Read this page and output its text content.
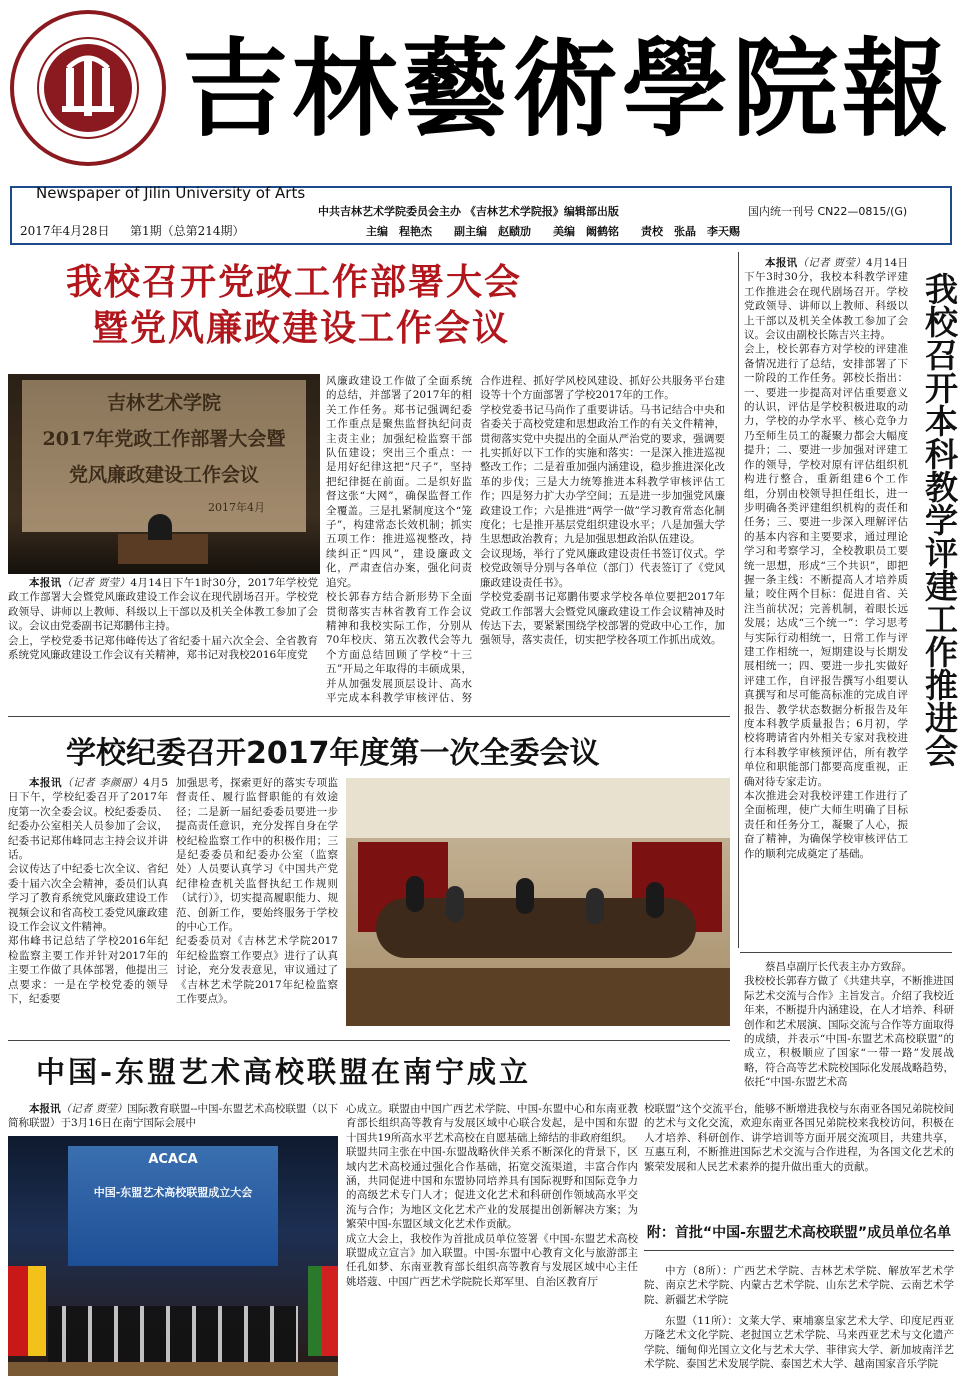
吉林藝術學院報
Newspaper of Jilin University of Arts
2017年4月28日 第1期（总第214期）
中共吉林艺术学院委员会主办 《吉林艺术学院报》编辑部出版	国内统一刊号 CN22—0815/(G)
主编　程艳杰　　副主编　赵赜劢　　美编　阚鹤铭　　责校　张晶　李天赐
我校召开党政工作部署大会
暨党风廉政建设工作会议
吉林艺术学院
2017年党政工作部署大会暨
党风廉政建设工作会议
2017年4月

本报讯（记者 贾莹）4月14日下午1时30分，2017年学校党政工作部署大会暨党风廉政建设工作会议在现代剧场召开。学校党政领导、讲师以上教师、科级以上干部以及机关全体教工参加了会议。会议由党委副书记郑鹏伟主持。
会上，学校党委书记郑伟峰传达了省纪委十届六次全会、全省教育系统党风廉政建设工作会议有关精神，郑书记对我校2016年度党

风廉政建设工作做了全面系统的总结，并部署了2017年的相关工作任务。郑书记强调纪委工作重点是聚焦监督执纪问责主责主业；加强纪检监察干部队伍建设；突出三个重点：一是用好纪律这把“尺子”，坚持把纪律挺在前面。二是织好监督这张“大网”，确保监督工作全覆盖。三是扎紧制度这个“笼子”，构建常态长效机制；抓实五项工作：推进巡视整改，持续纠正“四风”，建设廉政文化，严肃查信办案，强化问责追究。
校长郭春方结合新形势下全面贯彻落实吉林省教育工作会议精神和我校实际工作，分别从70年校庆、第五次教代会等九个方面总结回顾了学校“十三五”开局之年取得的丰硕成果，并从加强发展顶层设计、高水平完成本科教学审核评估、努

合作进程、抓好学风校风建设、抓好公共服务平台建设等十个方面部署了学校2017年的工作。
学校党委书记马尚作了重要讲话。马书记结合中央和省委关于高校党建和思想政治工作的有关文件精神，贯彻落实党中央提出的全面从严治党的要求，强调要扎实抓好以下工作的实施和落实：一是深入推进巡视整改工作；二是着重加强内涵建设，稳步推进深化改革的步伐；三是大力统筹推进本科教学审核评估工作；四是努力扩大办学空间；五是进一步加强党风廉政建设工作；六是推进“两学一做”学习教育常态化制度化；七是推开基层党组织建设水平；八是加强大学生思想政治教育；九是加强思想政治队伍建设。
会议现场，举行了党风廉政建设责任书签订仪式。学校党政领导分别与各单位（部门）代表签订了《党风廉政建设责任书》。
学校党委副书记郑鹏伟要求学校各单位要把2017年党政工作部署大会暨党风廉政建设工作会议精神及时传达下去，要紧紧围绕学校部署的党政中心工作，加强领导，落实责任，切实把学校各项工作抓出成效。

学校纪委召开2017年度第一次全委会议

本报讯（记者 李颜丽）4月5日下午，学校纪委召开了2017年度第一次全委会议。校纪委委员、纪委办公室相关人员参加了会议，纪委书记郑伟峰同志主持会议并讲话。
会议传达了中纪委七次全议、省纪委十届六次全会精神，委员们认真学习了教育系统党风廉政建设工作视频会议和省高校工委党风廉政建设工作会议文件精神。
郑伟峰书记总结了学校2016年纪检监察主要工作并针对2017年的主要工作做了具体部署，他提出三点要求：一是在学校党委的领导下，纪委要

加强思考，探索更好的落实专项监督责任、履行监督职能的有效途径；二是新一届纪委委员要进一步提高责任意识，充分发挥自身在学校纪检监察工作中的积极作用；三是纪委委员和纪委办公室（监察处）人员要认真学习《中国共产党纪律检查机关监督执纪工作规则（试行）》，切实提高履职能力、规范、创新工作，要始终服务于学校的中心工作。
纪委委员对《吉林艺术学院2017年纪检监察工作要点》进行了认真讨论，充分发表意见，审议通过了《吉林艺术学院2017年纪检监察工作要点》。

我校召开本科教学评建工作推进会

本报讯（记者 贾莹）4月14日下午3时30分，我校本科教学评建工作推进会在现代剧场召开。学校党政领导、讲师以上教师、科级以上干部以及机关全体教工参加了会议。会议由副校长陈吉兴主持。
会上，校长郭春方对学校的评建准备情况进行了总结，安排部署了下一阶段的工作任务。郭校长指出：一、要进一步提高对评估重要意义的认识，评估是学校积极进取的动力，学校的办学水平、核心竞争力乃至师生员工的凝聚力都会大幅度提升；二、要进一步加强对评建工作的领导，学校对原有评估组织机构进行整合，重新组建6个工作组，分别由校领导担任组长，进一步明确各类评建组织机构的责任和任务；三、要进一步深入理解评估的基本内容和主要要求，通过理论学习和考察学习，全校教职员工要统一思想，形成“三个共识”，即把握一条主线：不断提高人才培养质量；咬住两个目标：促进自省、关注当前状况；完善机制，着眼长远发展；达成“三个统一”：学习思考与实际行动相统一，日常工作与评建工作相统一，短期建设与长期发展相统一；四、要进一步扎实做好评建工作，自评报告撰写小组要认真撰写和尽可能高标准的完成自评报告、教学状态数据分析报告及年度本科教学质量报告；6月初，学校将聘请省内外相关专家对我校进行本科教学审核预评估，所有教学单位和职能部门都要高度重视，正确对待专家走访。
本次推进会对我校评建工作进行了全面梳理，使广大师生明确了目标责任和任务分工，凝聚了人心，振奋了精神，为确保学校审核评估工作的顺利完成奠定了基础。

中国-东盟艺术高校联盟在南宁成立

蔡昌卓副厅长代表主办方致辞。
我校校长郭春方做了《共建共享，不断推进国际艺术交流与合作》主旨发言。介绍了我校近年来，不断提升内涵建设，在人才培养、科研创作和艺术展演、国际交流与合作等方面取得的成绩，并表示“中国-东盟艺术高校联盟”的成立，积极顺应了国家“一带一路”发展战略，符合高等艺术院校国际化发展战略趋势，依托“中国-东盟艺术高

本报讯（记者 贾莹）国际教育联盟--中国-东盟艺术高校联盟（以下简称联盟）于3月16日在南宁国际会展中

ACACA
中国-东盟艺术高校联盟成立大会

心成立。联盟由中国广西艺术学院、中国-东盟中心和东南亚教育部长组织高等教育与发展区域中心联合发起，是中国和东盟十国共19所高水平艺术高校在自愿基础上缔结的非政府组织。
联盟共同主张在中国-东盟战略伙伴关系不断深化的背景下，区域内艺术高校通过强化合作基础，拓宽交流渠道，丰富合作内涵，共同促进中国和东盟协同培养具有国际视野和国际竞争力的高级艺术专门人才；促进文化艺术和科研创作领域高水平交流与合作；为地区文化艺术产业的发展提出创新解决方案；为繁荣中国-东盟区域文化艺术作贡献。
成立大会上，我校作为首批成员单位签署《中国-东盟艺术高校联盟成立宣言》加入联盟。中国-东盟中心教育文化与旅游部主任孔如梦、东南亚教育部长组织高等教育与发展区域中心主任姚塔蔻、中国广西艺术学院院长郑军里、自治区教育厅

校联盟”这个交流平台，能够不断增进我校与东南亚各国兄弟院校间的艺术与文化交流，欢迎东南亚各国兄弟院校来我校访问，积极在人才培养、科研创作、讲学培训等方面开展交流项目，共建共享，互惠互利，不断推进国际艺术交流与合作进程，为各国文化艺术的繁荣发展和人民艺术素养的提升做出重大的贡献。

附：首批“中国-东盟艺术高校联盟”成员单位名单

中方（8所）：广西艺术学院、吉林艺术学院、解放军艺术学院、南京艺术学院、内蒙古艺术学院、山东艺术学院、云南艺术学院、新疆艺术学院

东盟（11所）：文莱大学、柬埔寨皇家艺术大学、印度尼西亚万隆艺术文化学院、老挝国立艺术学院、马来西亚艺术与文化遗产学院、缅甸仰光国立文化与艺术大学、菲律宾大学、新加坡南洋艺术学院、泰国艺术发展学院、泰国艺术大学、越南国家音乐学院
